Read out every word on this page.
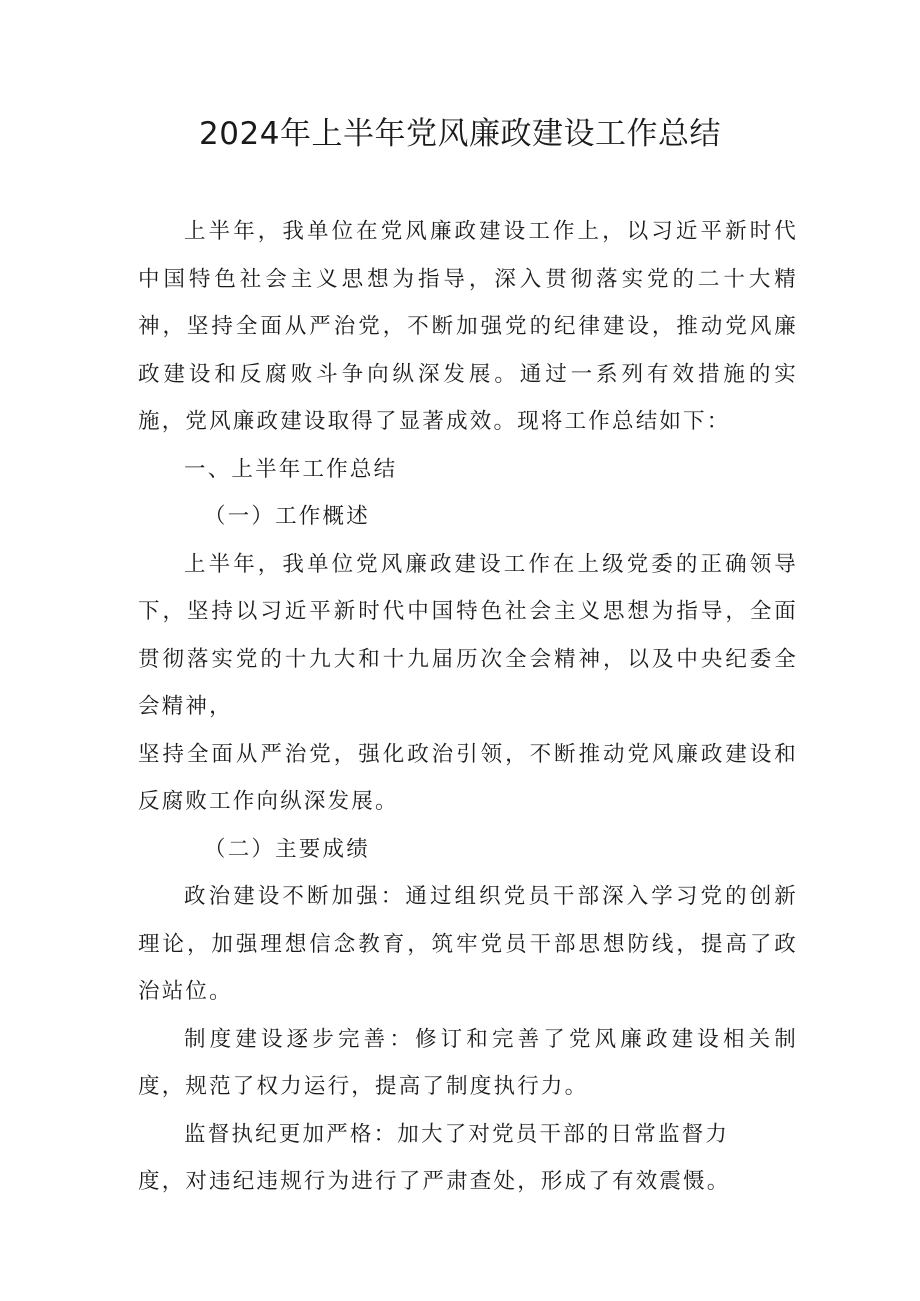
2024年上半年党风廉政建设工作总结

上半年，我单位在党风廉政建设工作上，以习近平新时代中国特色社会主义思想为指导，深入贯彻落实党的二十大精神，坚持全面从严治党，不断加强党的纪律建设，推动党风廉政建设和反腐败斗争向纵深发展。通过一系列有效措施的实施，党风廉政建设取得了显著成效。现将工作总结如下：

一、上半年工作总结

（一）工作概述

上半年，我单位党风廉政建设工作在上级党委的正确领导下，坚持以习近平新时代中国特色社会主义思想为指导，全面贯彻落实党的十九大和十九届历次全会精神，以及中央纪委全会精神，

坚持全面从严治党，强化政治引领，不断推动党风廉政建设和反腐败工作向纵深发展。

（二）主要成绩

政治建设不断加强：通过组织党员干部深入学习党的创新理论，加强理想信念教育，筑牢党员干部思想防线，提高了政治站位。

制度建设逐步完善：修订和完善了党风廉政建设相关制度，规范了权力运行，提高了制度执行力。

监督执纪更加严格：加大了对党员干部的日常监督力

度，对违纪违规行为进行了严肃查处，形成了有效震慑。
